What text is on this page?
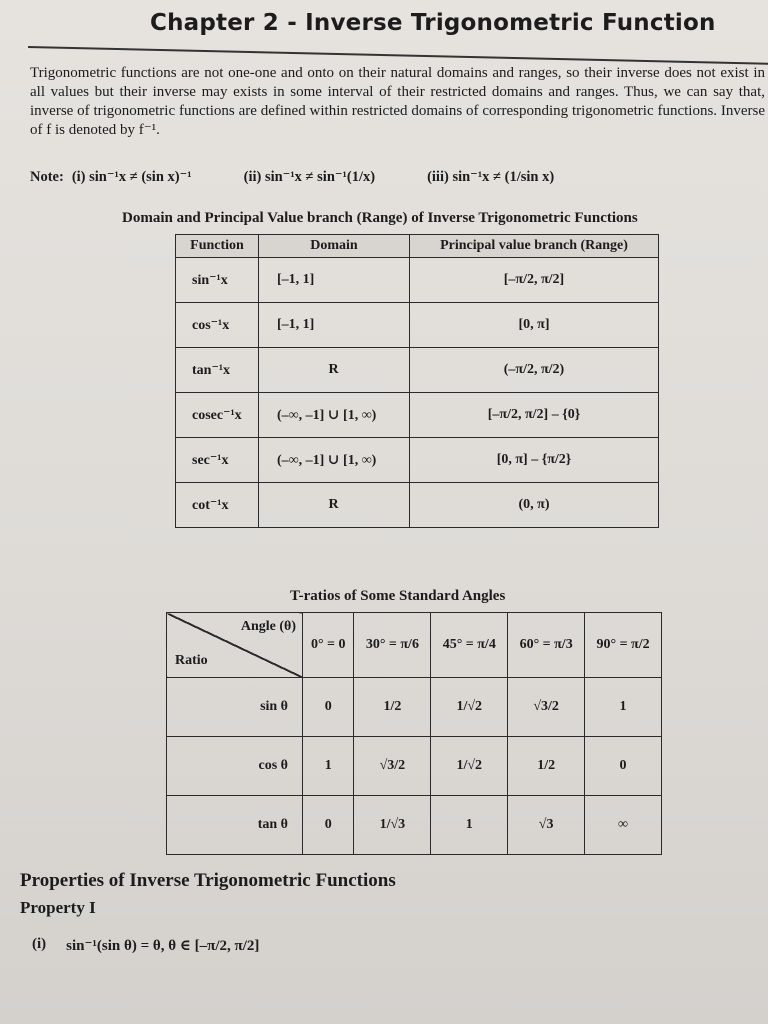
Chapter 2 - Inverse Trigonometric Function
Trigonometric functions are not one-one and onto on their natural domains and ranges, so their inverse does not exist in all values but their inverse may exists in some interval of their restricted domains and ranges. Thus, we can say that, inverse of trigonometric functions are defined within restricted domains of corresponding trigonometric functions. Inverse of f is denoted by f⁻¹.
Note: (i) sin⁻¹x ≠ (sin x)⁻¹	(ii) sin⁻¹x ≠ sin⁻¹(1/x)	(iii) sin⁻¹x ≠ (1/sin x)
Domain and Principal Value branch (Range) of Inverse Trigonometric Functions
Function	Domain	Principal value branch (Range)
sin⁻¹x	[–1, 1]	[–π/2, π/2]
cos⁻¹x	[–1, 1]	[0, π]
tan⁻¹x	R	(–π/2, π/2)
cosec⁻¹x	(–∞, –1] ∪ [1, ∞)	[–π/2, π/2] – {0}
sec⁻¹x	(–∞, –1] ∪ [1, ∞)	[0, π] – {π/2}
cot⁻¹x	R	(0, π)
T-ratios of Some Standard Angles
Angle (θ)
Ratio	0° = 0	30° = π/6	45° = π/4	60° = π/3	90° = π/2
sin θ	0	1/2	1/√2	√3/2	1
cos θ	1	√3/2	1/√2	1/2	0
tan θ	0	1/√3	1	√3	∞
Properties of Inverse Trigonometric Functions
Property I
(i) sin⁻¹(sin θ) = θ, θ ∈ [–π/2, π/2]
